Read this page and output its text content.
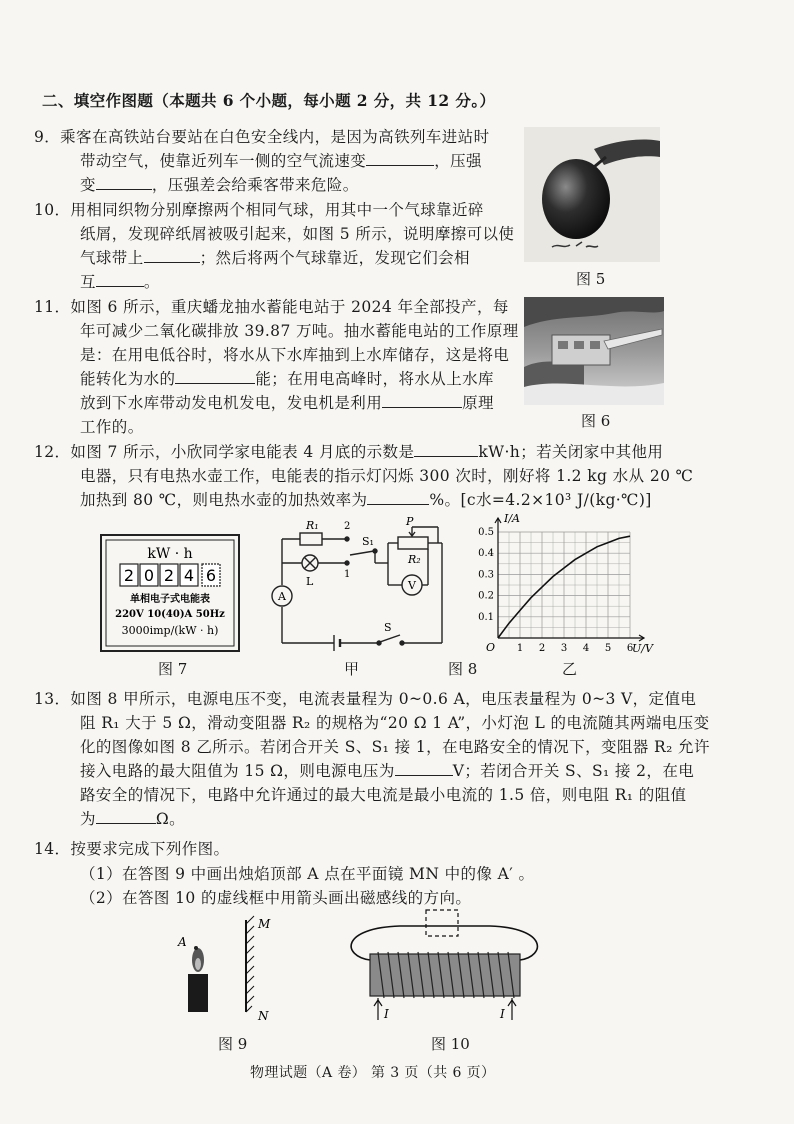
二、填空作图题（本题共 6 个小题，每小题 2 分，共 12 分。）
9．乘客在高铁站台要站在白色安全线内，是因为高铁列车进站时
带动空气，使靠近列车一侧的空气流速变	，压强
变	，压强差会给乘客带来危险。
10．用相同织物分别摩擦两个相同气球，用其中一个气球靠近碎
纸屑，发现碎纸屑被吸引起来，如图 5 所示，说明摩擦可以使
气球带上	；然后将两个气球靠近，发现它们会相
互	。	图 5
11．如图 6 所示，重庆蟠龙抽水蓄能电站于 2024 年全部投产，每
年可减少二氧化碳排放 39.87 万吨。抽水蓄能电站的工作原理
是：在用电低谷时，将水从下水库抽到上水库储存，这是将电
能转化为水的	能；在用电高峰时，将水从上水库
放到下水库带动发电机发电，发电机是利用	原理
工作的。	图 6
12．如图 7 所示，小欣同学家电能表 4 月底的示数是	kW·h；若关闭家中其他用
电器，只有电热水壶工作，电能表的指示灯闪烁 300 次时，刚好将 1.2 kg 水从 20 ℃
加热到 80 ℃，则电热水壶的加热效率为	%。[c水=4.2×10³ J/(kg·℃)]
kW · h
2 0 2 4 6
单相电子式电能表
220V 10(40)A 50Hz
3000imp/(kW · h)
图 7
R₁	2
S₁
P
L
1
R₂
V
A
S
甲	图 8
1 2 3 4 5 6
0.1
0.2
0.3
0.4
0.5
I/A
U/V
O
乙
13．如图 8 甲所示，电源电压不变，电流表量程为 0~0.6 A，电压表量程为 0~3 V，定值电
阻 R₁ 大于 5 Ω，滑动变阻器 R₂ 的规格为“20 Ω 1 A”，小灯泡 L 的电流随其两端电压变
化的图像如图 8 乙所示。若闭合开关 S、S₁ 接 1，在电路安全的情况下，变阻器 R₂ 允许
接入电路的最大阻值为 15 Ω，则电源电压为	V；若闭合开关 S、S₁ 接 2，在电
路安全的情况下，电路中允许通过的最大电流是最小电流的 1.5 倍，则电阻 R₁ 的阻值
为	Ω。
14．按要求完成下列作图。
（1）在答图 9 中画出烛焰顶部 A 点在平面镜 MN 中的像 A′ 。
（2）在答图 10 的虚线框中用箭头画出磁感线的方向。
A
M
N
图 9
I	I
图 10
物理试题（A 卷） 第 3 页（共 6 页）
